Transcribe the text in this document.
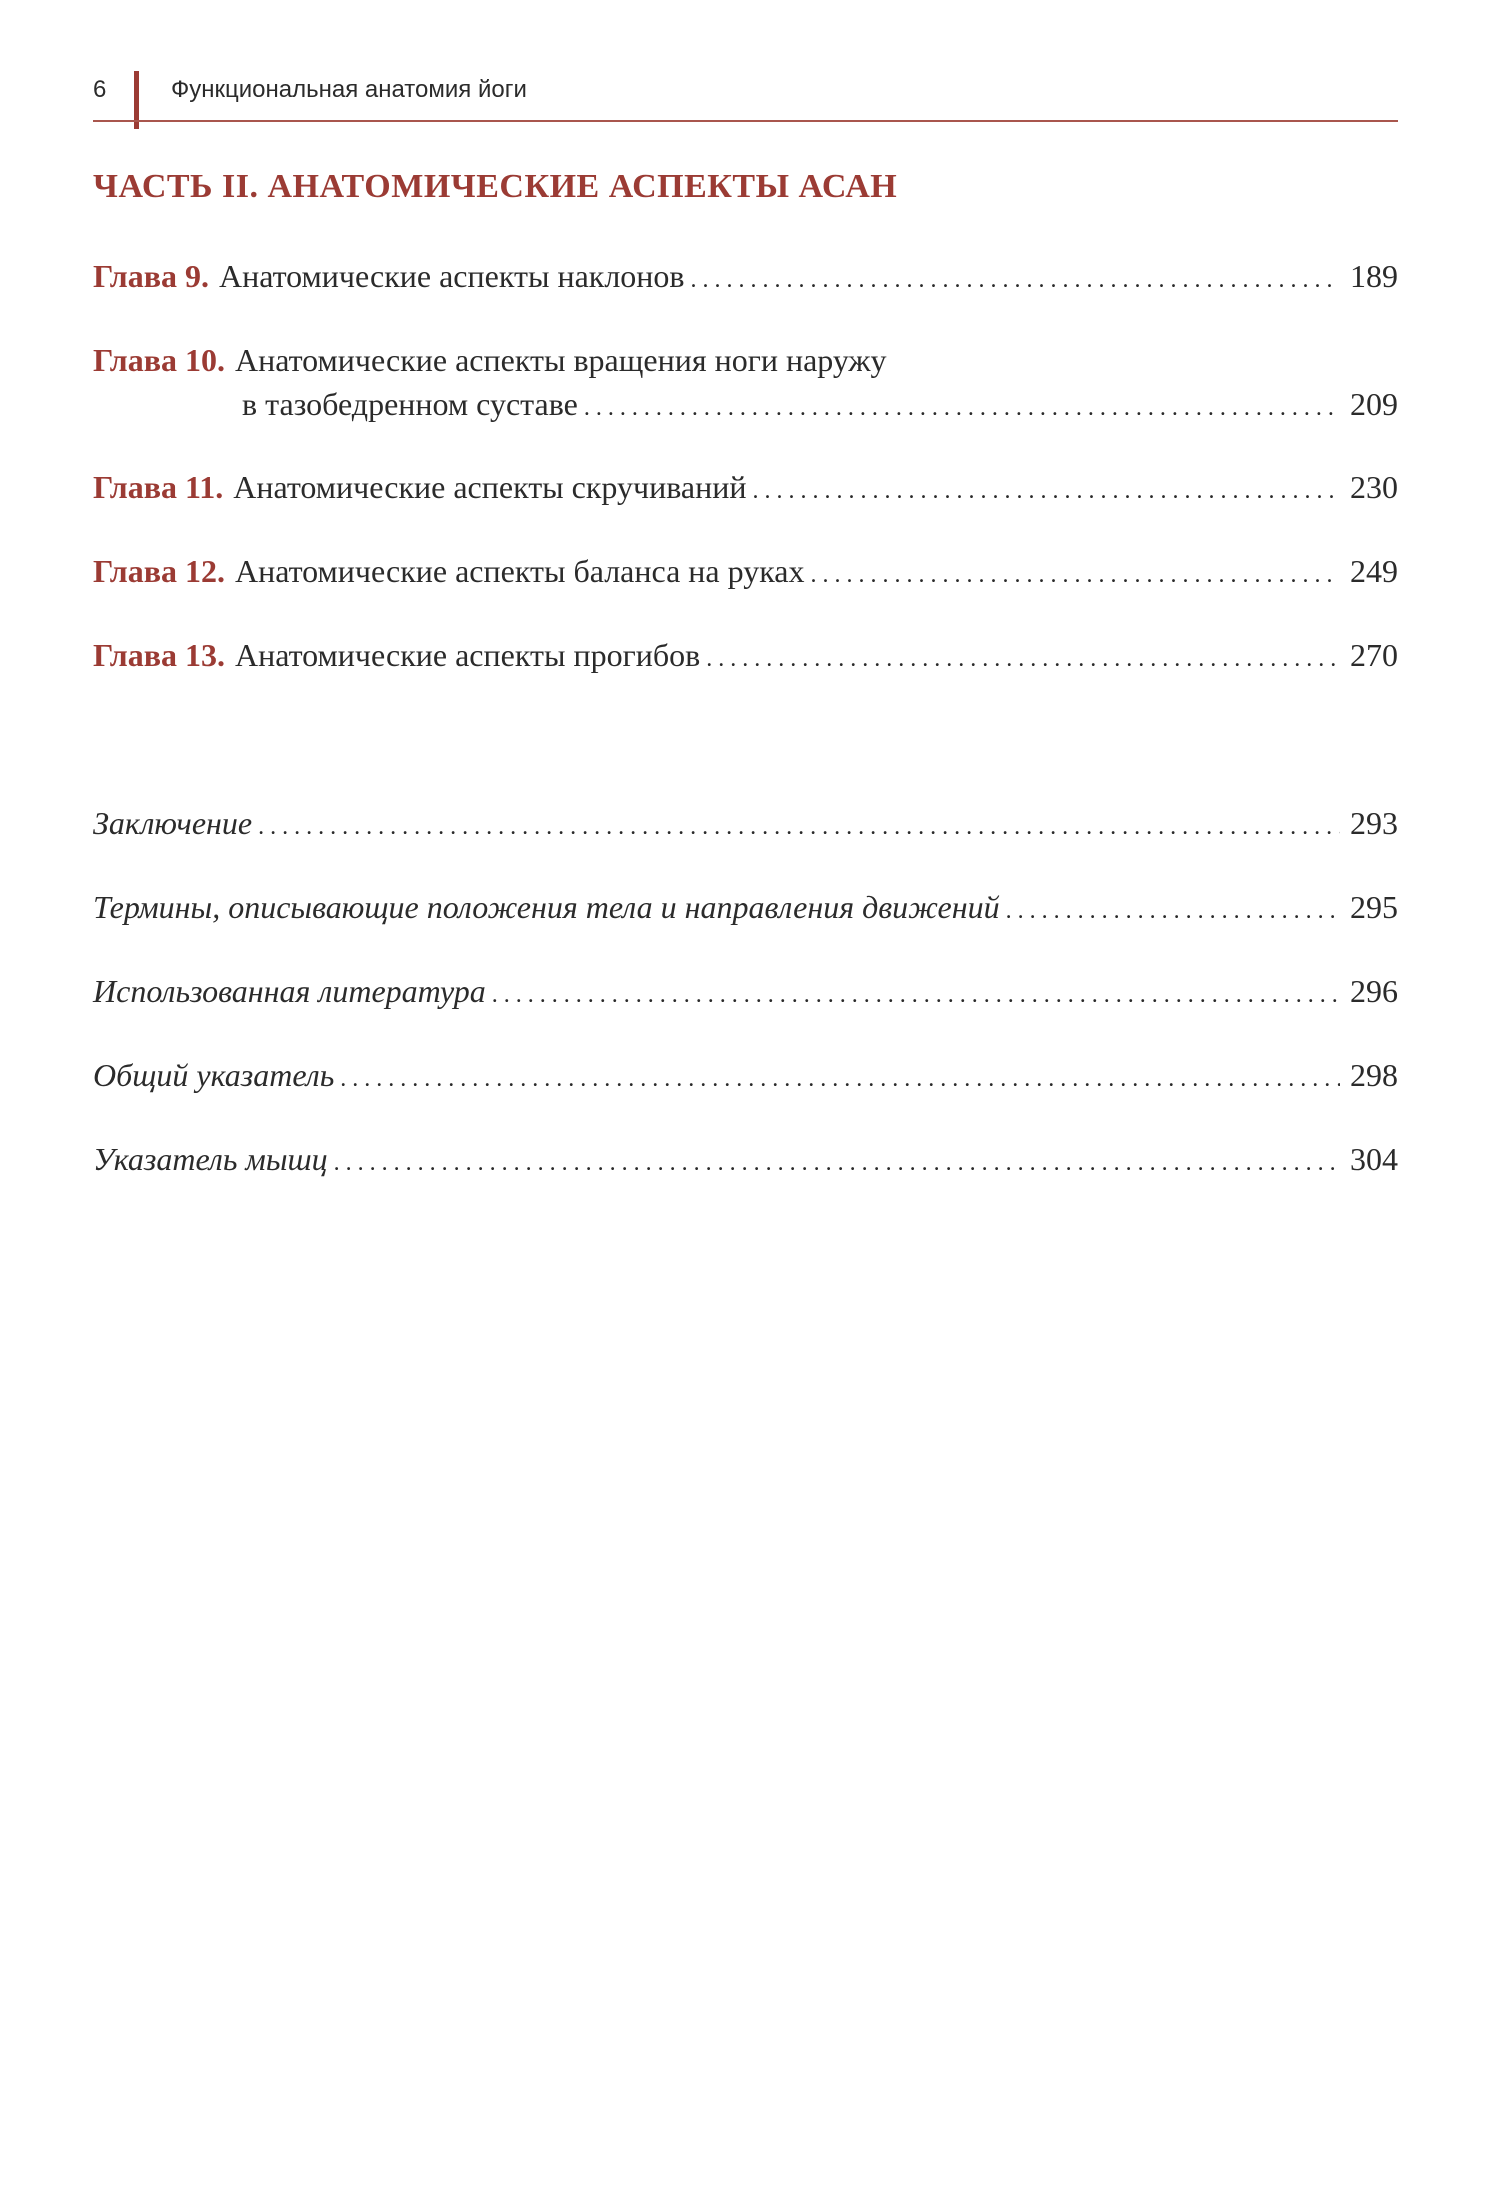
6	Функциональная анатомия йоги
ЧАСТЬ II. АНАТОМИЧЕСКИЕ АСПЕКТЫ АСАН
Глава 9. Анатомические аспекты наклонов . . .	189
Глава 10. Анатомические аспекты вращения ноги наружу
в тазобедренном суставе . . .	209
Глава 11. Анатомические аспекты скручиваний . . .	230
Глава 12. Анатомические аспекты баланса на руках . . .	249
Глава 13. Анатомические аспекты прогибов . . .	270
Заключение . . .	293
Термины, описывающие положения тела и направления движений . . .	295
Использованная литература . . .	296
Общий указатель . . .	298
Указатель мышц . . .	304
